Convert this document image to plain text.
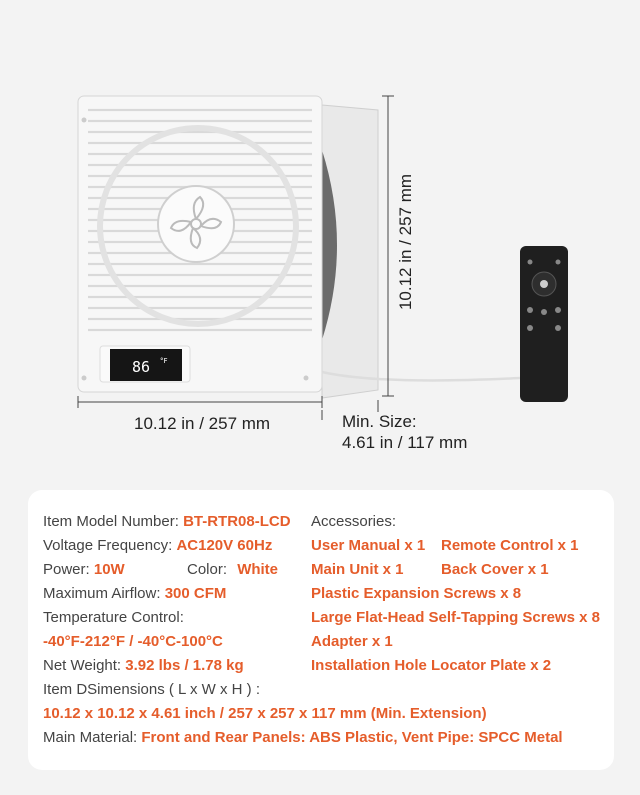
86 °F
10.12 in / 257 mm
10.12 in / 257 mm
Min. Size:
4.61 in / 117 mm
Item Model Number: BT-RTR08-LCD
Voltage Frequency: AC120V 60Hz
Power: 10W	Color: White
Maximum Airflow: 300 CFM
Temperature Control:
-40°F-212°F / -40°C-100°C
Net Weight: 3.92 lbs / 1.78 kg
Item DSimensions ( L x W x H ) :
10.12 x 10.12 x 4.61 inch / 257 x 257 x 117 mm (Min. Extension)
Main Material: Front and Rear Panels: ABS Plastic, Vent Pipe: SPCC Metal
Accessories:
User Manual x 1 Remote Control x 1
Main Unit x 1 Back Cover x 1
Plastic Expansion Screws x 8
Large Flat-Head Self-Tapping Screws x 8
Adapter x 1
Installation Hole Locator Plate x 2
